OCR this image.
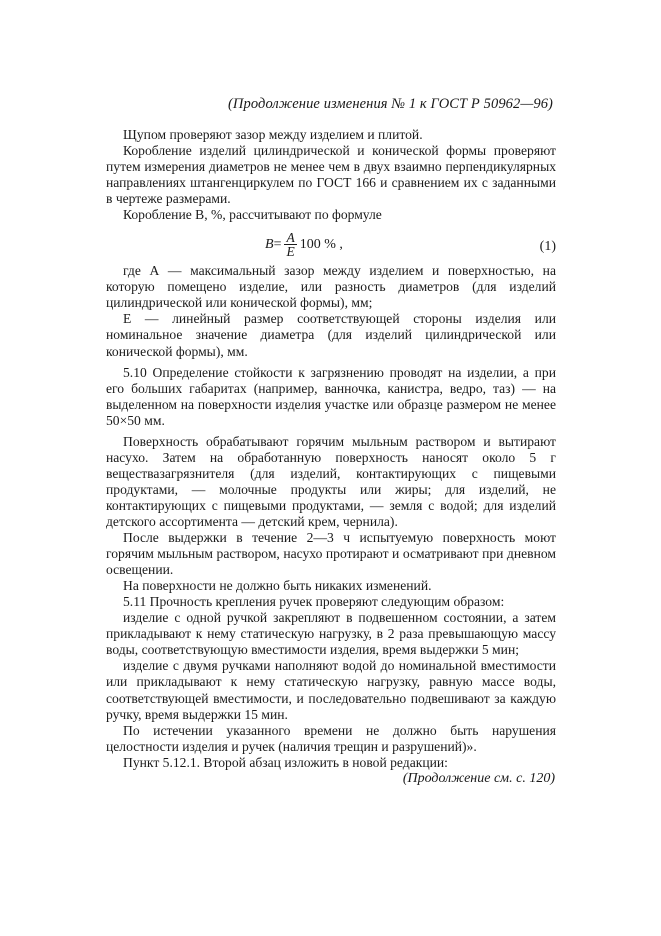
(Продолжение изменения № 1 к ГОСТ Р 50962—96)

Щупом проверяют зазор между изделием и плитой.

Коробление изделий цилиндрической и конической формы проверяют путем измерения диаметров не менее чем в двух взаимно перпендикулярных направлениях штангенциркулем по ГОСТ 166 и сравнением их с заданными в чертеже размерами.

Коробление В, %, рассчитывают по формуле

$B = \frac{A}{E} 100$ % ,	(1)

где А — максимальный зазор между изделием и поверхностью, на которую помещено изделие, или разность диаметров (для изделий цилиндрической или конической формы), мм;

Е — линейный размер соответствующей стороны изделия или номинальное значение диаметра (для изделий цилиндрической или конической формы), мм.

5.10 Определение стойкости к загрязнению проводят на изделии, а при его больших габаритах (например, ванночка, канистра, ведро, таз) — на выделенном на поверхности изделия участке или образце размером не менее 50×50 мм.

Поверхность обрабатывают горячим мыльным раствором и вытирают насухо. Затем на обработанную поверхность наносят около 5 г веществазагрязнителя (для изделий, контактирующих с пищевыми продуктами, — молочные продукты или жиры; для изделий, не контактирующих с пищевыми продуктами, — земля с водой; для изделий детского ассортимента — детский крем, чернила).

После выдержки в течение 2—3 ч испытуемую поверхность моют горячим мыльным раствором, насухо протирают и осматривают при дневном освещении.

На поверхности не должно быть никаких изменений.

5.11 Прочность крепления ручек проверяют следующим образом:

изделие с одной ручкой закрепляют в подвешенном состоянии, а затем прикладывают к нему статическую нагрузку, в 2 раза превышающую массу воды, соответствующую вместимости изделия, время выдержки 5 мин;

изделие с двумя ручками наполняют водой до номинальной вместимости или прикладывают к нему статическую нагрузку, равную массе воды, соответствующей вместимости, и последовательно подвешивают за каждую ручку, время выдержки 15 мин.

По истечении указанного времени не должно быть нарушения целостности изделия и ручек (наличия трещин и разрушений)».

Пункт 5.12.1. Второй абзац изложить в новой редакции:

(Продолжение см. с. 120)
